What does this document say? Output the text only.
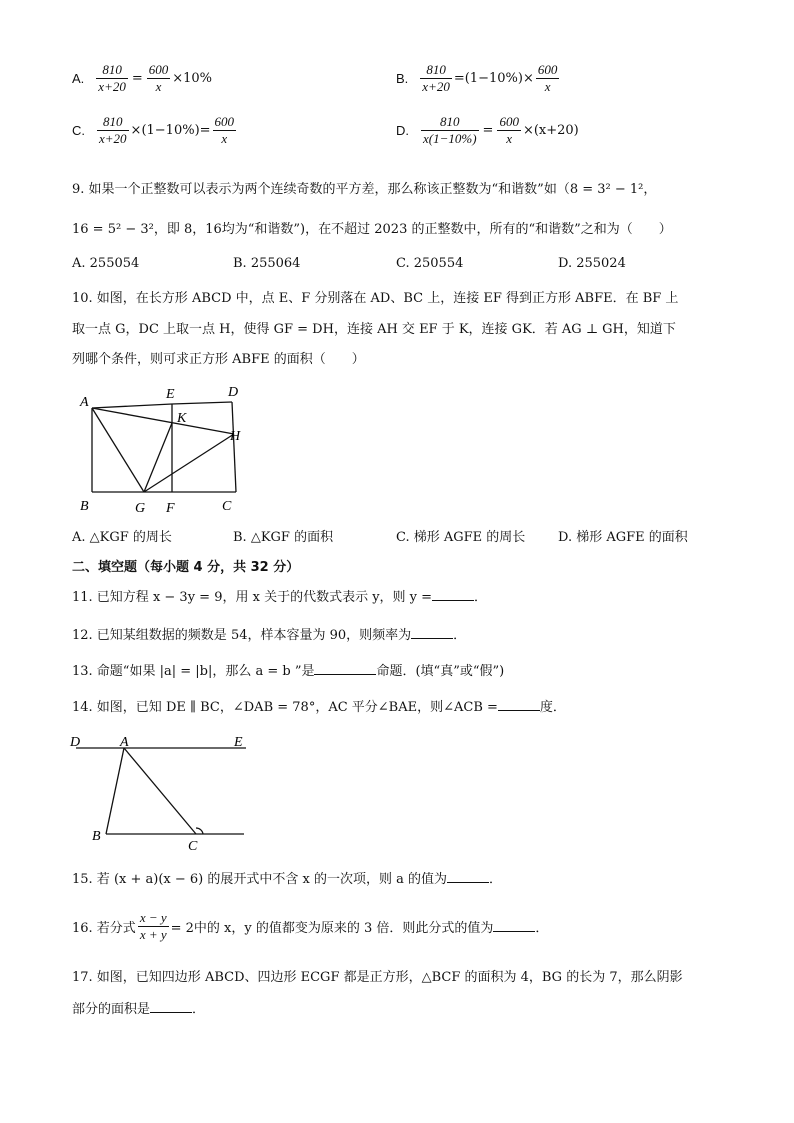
A. $\frac{810}{x+20} = \frac{600}{x} \times 10\%$	B. $\frac{810}{x+20} =(1-10\%)\times \frac{600}{x}$
C. $\frac{810}{x+20} \times(1-10\%)= \frac{600}{x}$	D. $\frac{810}{x(1-10\%)} = \frac{600}{x} \times(x+20)$
9. 如果一个正整数可以表示为两个连续奇数的平方差，那么称该正整数为“和谐数”如（8 = 3² − 1²，
16 = 5² − 3²，即 8，16均为“和谐数”)，在不超过 2023 的正整数中，所有的“和谐数”之和为（　　）
A. 255054	B. 255064	C. 250554	D. 255024
10. 如图，在长方形 ABCD 中，点 E、F 分别落在 AD、BC 上，连接 EF 得到正方形 ABFE．在 BF 上
取一点 G，DC 上取一点 H，使得 GF = DH，连接 AH 交 EF 于 K，连接 GK．若 AG ⊥ GH，知道下
列哪个条件，则可求正方形 ABFE 的面积（　　）
A
E	D
K
H
B	G F	C
A. △KGF 的周长	B. △KGF 的面积	C. 梯形 AGFE 的周长	D. 梯形 AGFE 的面积
二、填空题（每小题 4 分，共 32 分）
11. 已知方程 x − 3y = 9，用 x 关于的代数式表示 y，则 y =	．
12. 已知某组数据的频数是 54，样本容量为 90，则频率为	．
13. 命题“如果 |a| = |b|，那么 a = b ”是	命题．(填“真”或“假”)
14. 如图，已知 DE ∥ BC，∠DAB = 78°，AC 平分∠BAE，则∠ACB =	度．
D	A	E
B
C
15. 若 (x + a)(x − 6) 的展开式中不含 x 的一次项，则 a 的值为	．
16. 若分式 $\frac{x - y}{x + y} = 2$中的 x，y 的值都变为原来的 3 倍．则此分式的值为	．
17. 如图，已知四边形 ABCD、四边形 ECGF 都是正方形，△BCF 的面积为 4，BG 的长为 7，那么阴影
部分的面积是	．
